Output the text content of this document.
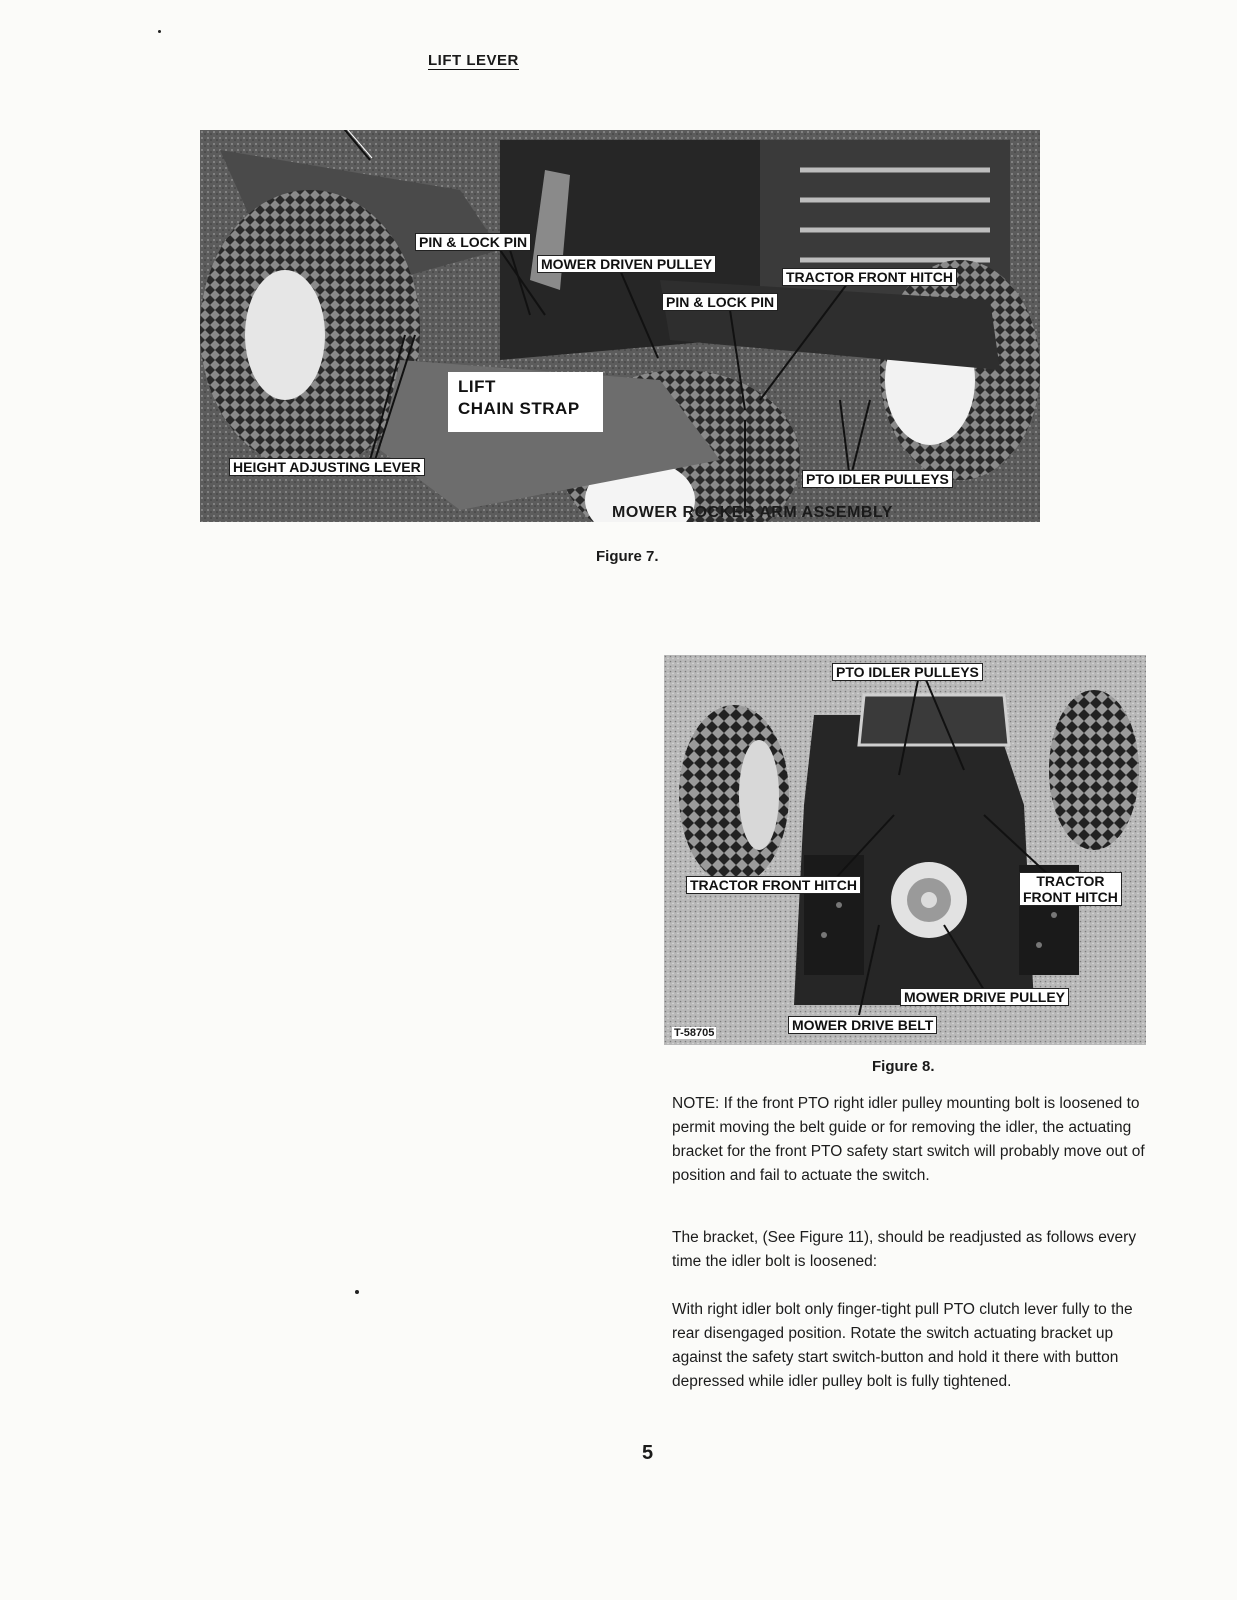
LIFT LEVER
PIN & LOCK PIN
MOWER DRIVEN PULLEY
TRACTOR FRONT HITCH
PIN & LOCK PIN
LIFT
CHAIN STRAP
HEIGHT ADJUSTING LEVER
PTO IDLER PULLEYS
MOWER ROCKER ARM ASSEMBLY
Figure 7.
PTO IDLER PULLEYS
TRACTOR FRONT HITCH	TRACTOR
FRONT HITCH
MOWER DRIVE PULLEY
MOWER DRIVE BELT
T-58705
Figure 8.

NOTE: If the front PTO right idler pulley mounting bolt is loosened to permit moving the belt guide or for removing the idler, the actuating bracket for the front PTO safety start switch will probably move out of position and fail to actuate the switch.

The bracket, (See Figure 11), should be readjusted as follows every time the idler bolt is loosened:

With right idler bolt only finger-tight pull PTO clutch lever fully to the rear disengaged position. Rotate the switch actuating bracket up against the safety start switch-button and hold it there with button depressed while idler pulley bolt is fully tightened.

5
